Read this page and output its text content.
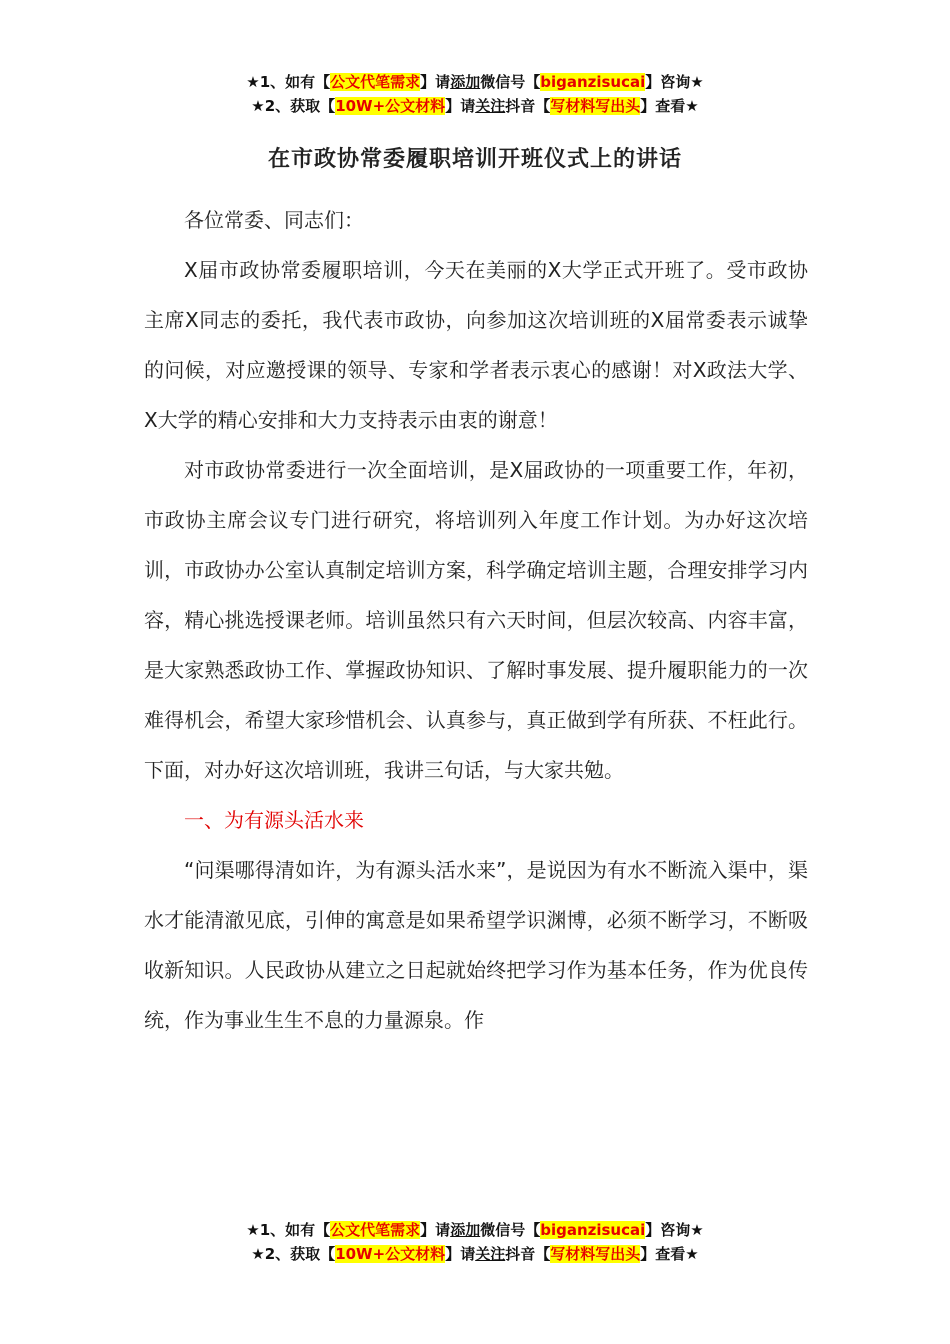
★1、如有【公文代笔需求】请添加微信号【biganzisucai】咨询★
★2、获取【10W+公文材料】请关注抖音【写材料写出头】查看★
在市政协常委履职培训开班仪式上的讲话

各位常委、同志们：

X届市政协常委履职培训，今天在美丽的X大学正式开班了。受市政协主席X同志的委托，我代表市政协，向参加这次培训班的X届常委表示诚挚的问候，对应邀授课的领导、专家和学者表示衷心的感谢！对X政法大学、X大学的精心安排和大力支持表示由衷的谢意！

对市政协常委进行一次全面培训，是X届政协的一项重要工作，年初，市政协主席会议专门进行研究，将培训列入年度工作计划。为办好这次培训，市政协办公室认真制定培训方案，科学确定培训主题，合理安排学习内容，精心挑选授课老师。培训虽然只有六天时间，但层次较高、内容丰富，是大家熟悉政协工作、掌握政协知识、了解时事发展、提升履职能力的一次难得机会，希望大家珍惜机会、认真参与，真正做到学有所获、不枉此行。下面，对办好这次培训班，我讲三句话，与大家共勉。

一、为有源头活水来

“问渠哪得清如许，为有源头活水来”，是说因为有水不断流入渠中，渠水才能清澈见底，引伸的寓意是如果希望学识渊博，必须不断学习，不断吸收新知识。人民政协从建立之日起就始终把学习作为基本任务，作为优良传统，作为事业生生不息的力量源泉。作

★1、如有【公文代笔需求】请添加微信号【biganzisucai】咨询★
★2、获取【10W+公文材料】请关注抖音【写材料写出头】查看★
